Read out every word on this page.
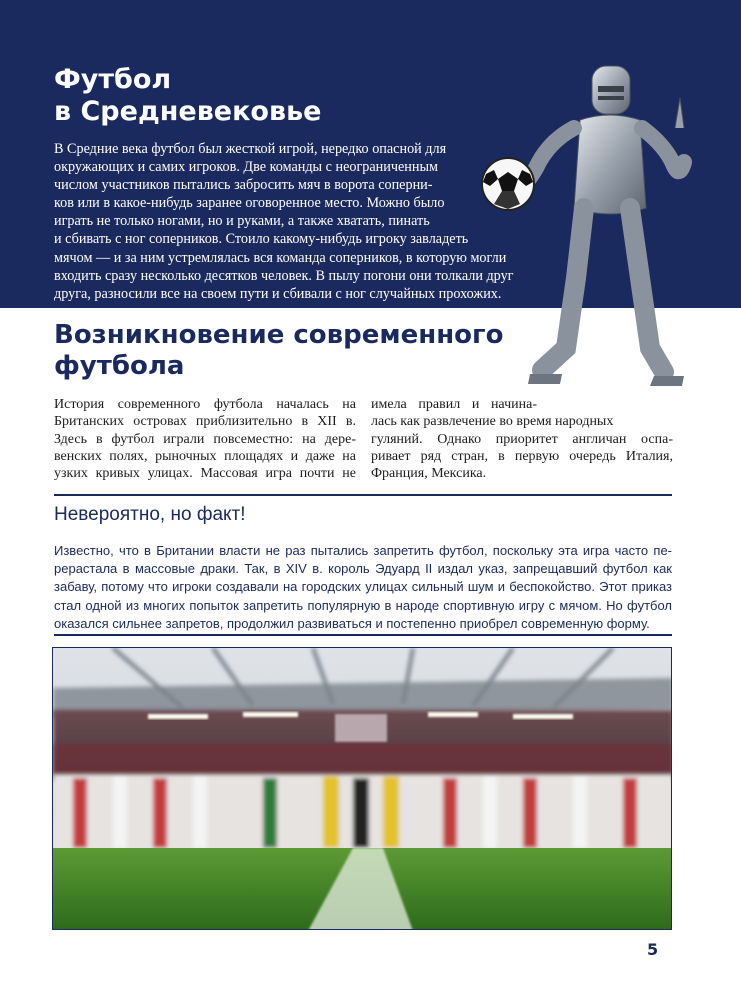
Футбол
в Средневековье
В Средние века футбол был жесткой игрой, нередко опасной для
окружающих и самих игроков. Две команды с неограниченным
числом участников пытались забросить мяч в ворота соперни-
ков или в какое-нибудь заранее оговоренное место. Можно было
играть не только ногами, но и руками, а также хватать, пинать
и сбивать с ног соперников. Стоило какому-нибудь игроку завладеть
мячом — и за ним устремлялась вся команда соперников, в которую могли
входить сразу несколько десятков человек. В пылу погони они толкали друг
друга, разносили все на своем пути и сбивали с ног случайных прохожих.
Возникновение современного
футбола
История современного футбола началась на
Британских островах приблизительно в XII в.
Здесь в футбол играли повсеместно: на дере-
венских полях, рыночных площадях и даже на
узких кривых улицах. Массовая игра почти не
имела правил и начина-
лась как развлечение во время народных
гуляний. Однако приоритет англичан оспа-
ривает ряд стран, в первую очередь Италия,
Франция, Мексика.
Невероятно, но факт!
Известно, что в Британии власти не раз пытались запретить футбол, поскольку эта игра часто пе-
рерастала в массовые драки. Так, в XIV в. король Эдуард II издал указ, запрещавший футбол как
забаву, потому что игроки создавали на городских улицах сильный шум и беспокойство. Этот приказ
стал одной из многих попыток запретить популярную в народе спортивную игру с мячом. Но футбол
оказался сильнее запретов, продолжил развиваться и постепенно приобрел современную форму.
5
